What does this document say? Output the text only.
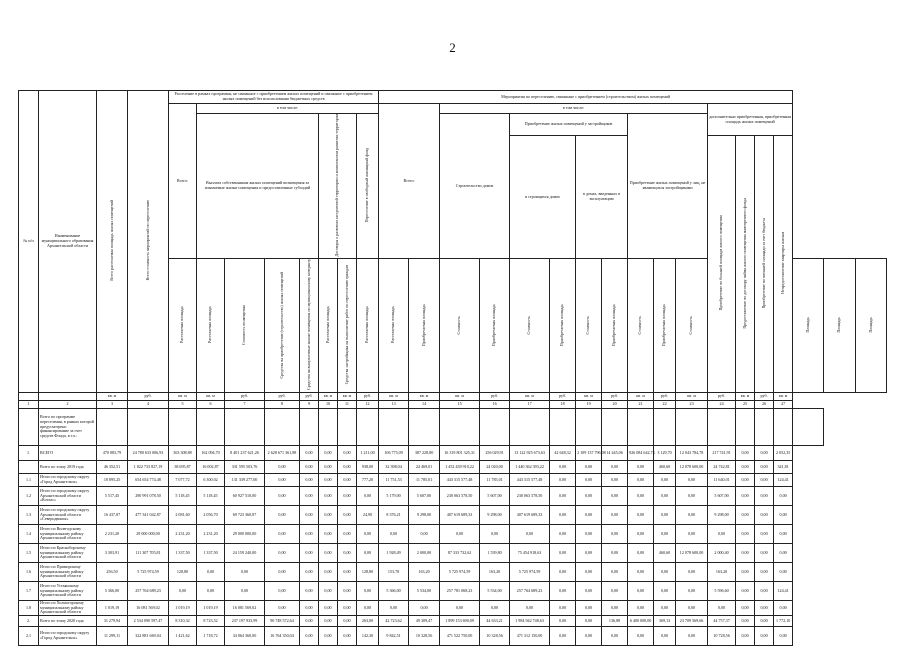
2
№ п/п	Наименование муниципального образования Архангельской области	Всего расселяемая площадь жилых помещений	Всего стоимость мероприятий по переселению	Расселение в рамках программы, не связанное с приобретением жилых помещений и связанное с приобретением жилых помещений без использования бюджетных средств								Мероприятия по переселению, связанные с приобретением (строительством) жилых помещений																	
				Всего:	в том числе:							Всего:		в том числе:									дополнительно приобретенная, приобретенная площадь жилых помещений						
					Выплата собственникам жилых помещений возмещения за изымаемые жилые помещения и предоставленные субсидий				Договоры о развитии застроенной территории и комплексном развитии территории		Переселение в свободный жилищный фонд			Строительство домов		Приобретение жилых помещений у застройщиков				Приобретение жилых помещений у лиц, не являющихся застройщиками									
																в строящихся домах		в домах, введенных в эксплуатацию					Приобретение по большей площади жилого помещения	Предоставление по договору найма жилого помещения маневренного фонда	Приобретение по меньшей площади за счет бюджета	Непредоставление квартиры жилым			
				Расселяемая площадь	Расселяемая площадь	Стоимость возмещения	Средства на приобретение (строительство) жилых помещений	Средства на выкупленные жилые помещения по муниципальному контракту	Расселяемая площадь	Средства застройщика на выполнение работ по переселению граждан	Расселяемая площадь	Расселяемая площадь	Приобретаемая площадь	Стоимость	Приобретаемая площадь	Стоимость	Приобретаемая площадь	Стоимость	Приобретаемая площадь	Стоимость	Приобретаемая площадь	Стоимость					Площадь	Площадь	Площадь
		кв. м	руб.	кв. м	кв. м	руб.	руб.	руб.	кв. м	кв. м	руб.	кв. м	кв. м	кв. м	руб.	кв. м	руб.	кв. м	руб.	кв. м	руб.	кв. м	руб.	кв. м	руб.	кв. м			
1	2	3	4	5	6	7	8	9	10	11	12	13	14	15	16	17	18	19	20	21	22	23	24	25	26	27			
	Всего по программе переселения, в рамках которой предусмотрено финансирование за счет средств Фонда, в т.ч.:																												
1.	ВСЕГО	470 083,79	24 780 633 006,93	363 308,88	162 094,70	8 401 237 621,26	2 628 671 361,88	0,00	0,00	0,00	1 211,00	106 775,09	387 228,80	16 319 801 325,31	256 029,91	13 122 925 673,63	42 648,32	2 109 137 796,08	14 445,06	926 084 642,73	3 129,70	12 043 784,78	217 741,91	0,00	0,00	2 052,35			
	Всего по этапу 2019 года	46 352,51	1 822 733 827,19	38 695,87	16 002,87	331 595 503,76	0,00	0,00	0,00	0,00	938,00	32 398,04	24 469,01	1 452 439 910,22	24 020,00	1 440 362 393,22	0,00	0,00	0,00	0,00	460,60	12 078 600,00	24 742,81	0,00	0,00	341,81			
1.1	Итого по городскому округу «Город Архангельск»	18 895,25	654 654 774,48	7 077,72	6 300,02	131 339 277,00	0,00	0,00	0,00	0,00	777,20	11 751,53	11 785,01	443 315 577,48	11 785,01	443 315 577,48	0,00	0,00	0,00	0,00	0,00	0,00	11 640,01	0,00	0,00	124,41			
1.2	Итого по городскому округу Архангельской области «Котлас»	5 517,45	290 991 078,50	5 118,45	5 118,45	60 927 510,00	0,00	0,00	0,00	0,00	0,00	5 179,00	5 607,00	230 063 578,50	5 607,00	230 063 578,50	0,00	0,00	0,00	0,00	0,00	0,00	5 607,00	0,00	0,00	0,00			
1.3	Итого по городскому округу Архангельской области «Северодвинск»	16 437,87	477 341 042,87	2 081,60	2 056,70	69 723 360,87	0,00	0,00	0,00	0,00	24,90	8 376,21	9 298,00	407 619 689,33	9 298,00	407 619 689,33	0,00	0,00	0,00	0,00	0,00	0,00	9 298,00	0,00	0,00	0,00			
1.4	Итого по Вилегодскому муниципальному району Архангельской области	2 231,20	29 000 000,00	2 231,20	2 231,20	29 000 000,00	0,00	0,00	0,00	0,00	0,00	0,00	0,00	0,00	0,00	0,00	0,00	0,00	0,00	0,00	0,00	0,00	0,00	0,00	0,00	0,00			
1.5	Итого по Красноборскому муниципальному району Архангельской области	3 303,91	111 307 705,81	1 337,50	1 337,50	24 159 240,00	0,00	0,00	0,00	0,00	0,00	1 928,49	2 000,00	87 333 732,62	1 539,80	75 454 918,63	0,00	0,00	0,00	0,00	460,60	12 078 600,00	2 000,40	0,00	0,00	0,00			
1.6	Итого по Приморскому муниципальному району Архангельской области	256,50	5 725 974,59	128,80	0,00	0,00	0,00	0,00	0,00	0,00	128,80	153,70	163,20	5 725 974,59	163,20	5 725 974,59	0,00	0,00	0,00	0,00	0,00	0,00	163,20	0,00	0,00	0,00			
1.7	Итого по Устьянскому муниципальному району Архангельской области	5 366,00	257 764 689,23	0,00	0,00	0,00	0,00	0,00	0,00	0,00	0,00	5 366,00	5 534,00	257 781 068,23	5 534,00	257 764 689,23	0,00	0,00	0,00	0,00	0,00	0,00	5 596,60	0,00	0,00	124,41			
1.8	Итого по Холмогорскому муниципальному району Архангельской области	1 019,19	16 081 569,02	1 019,19	1 019,19	16 081 569,02	0,00	0,00	0,00	0,00	0,00	0,00	0,00	0,00	0,00	0,00	0,00	0,00	0,00	0,00	0,00	0,00	0,00	0,00	0,00	0,00			
2.	Всего по этапу 2020 года	31 279,94	2 534 090 597,47	8 310,32	8 723,52	237 197 933,99	90 748 572,64	0,00	0,00	0,00	263,00	42 723,62	49 309,47	1 899 153 690,09	44 633,21	1 984 942 748,63	0,00	0,00	136,88	6 400 000,00	369,13	23 709 569,66	44 757,37	0,00	0,00	1 772,10			
2.1	Итого по городскому округу «Город Архангельск»	11 299,11	322 881 669,04	1 421,62	1 718,72	34 064 360,00	16 764 350,04	0,00	0,00	0,00	142,30	9 842,51	10 328,56	471 522 750,00	10 328,56	471 312 150,00	0,00	0,00	0,00	0,00	0,00	0,00	10 728,56	0,00	0,00	0,00			
